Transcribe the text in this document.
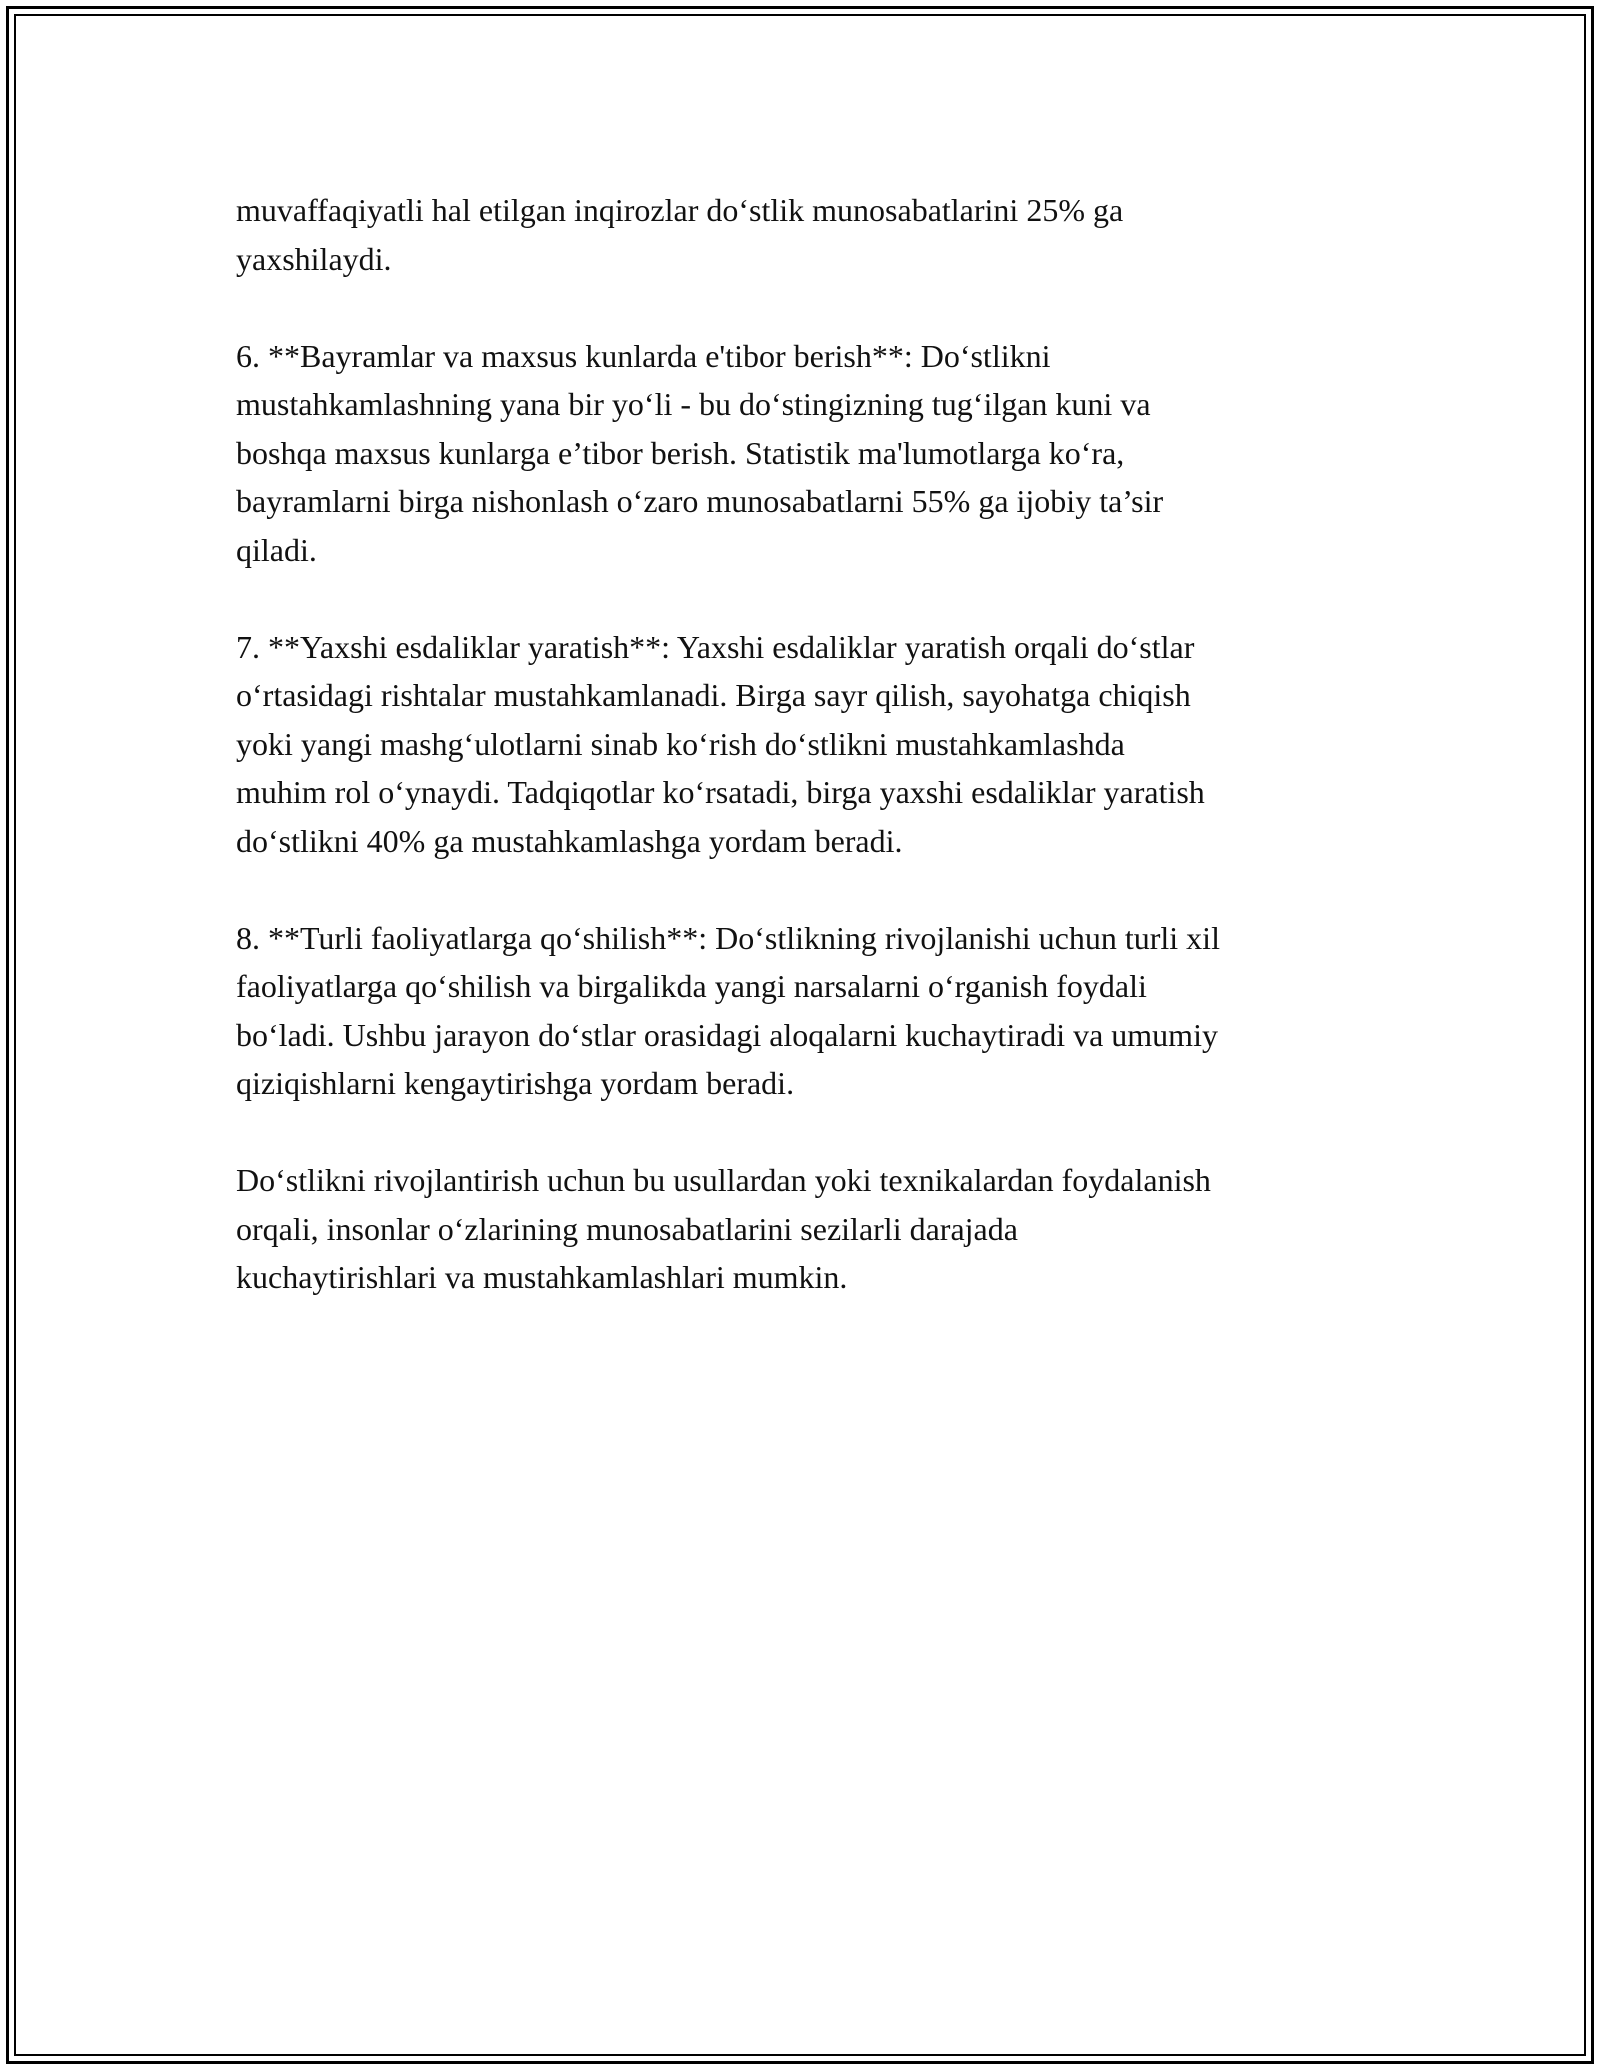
muvaffaqiyatli hal etilgan inqirozlar do‘stlik munosabatlarini 25% ga
yaxshilaydi.

6. **Bayramlar va maxsus kunlarda e'tibor berish**: Do‘stlikni
mustahkamlashning yana bir yo‘li - bu do‘stingizning tug‘ilgan kuni va
boshqa maxsus kunlarga e’tibor berish. Statistik ma'lumotlarga ko‘ra,
bayramlarni birga nishonlash o‘zaro munosabatlarni 55% ga ijobiy ta’sir
qiladi.

7. **Yaxshi esdaliklar yaratish**: Yaxshi esdaliklar yaratish orqali do‘stlar
o‘rtasidagi rishtalar mustahkamlanadi. Birga sayr qilish, sayohatga chiqish
yoki yangi mashg‘ulotlarni sinab ko‘rish do‘stlikni mustahkamlashda
muhim rol o‘ynaydi. Tadqiqotlar ko‘rsatadi, birga yaxshi esdaliklar yaratish
do‘stlikni 40% ga mustahkamlashga yordam beradi.

8. **Turli faoliyatlarga qo‘shilish**: Do‘stlikning rivojlanishi uchun turli xil
faoliyatlarga qo‘shilish va birgalikda yangi narsalarni o‘rganish foydali
bo‘ladi. Ushbu jarayon do‘stlar orasidagi aloqalarni kuchaytiradi va umumiy
qiziqishlarni kengaytirishga yordam beradi.

Do‘stlikni rivojlantirish uchun bu usullardan yoki texnikalardan foydalanish
orqali, insonlar o‘zlarining munosabatlarini sezilarli darajada
kuchaytirishlari va mustahkamlashlari mumkin.
